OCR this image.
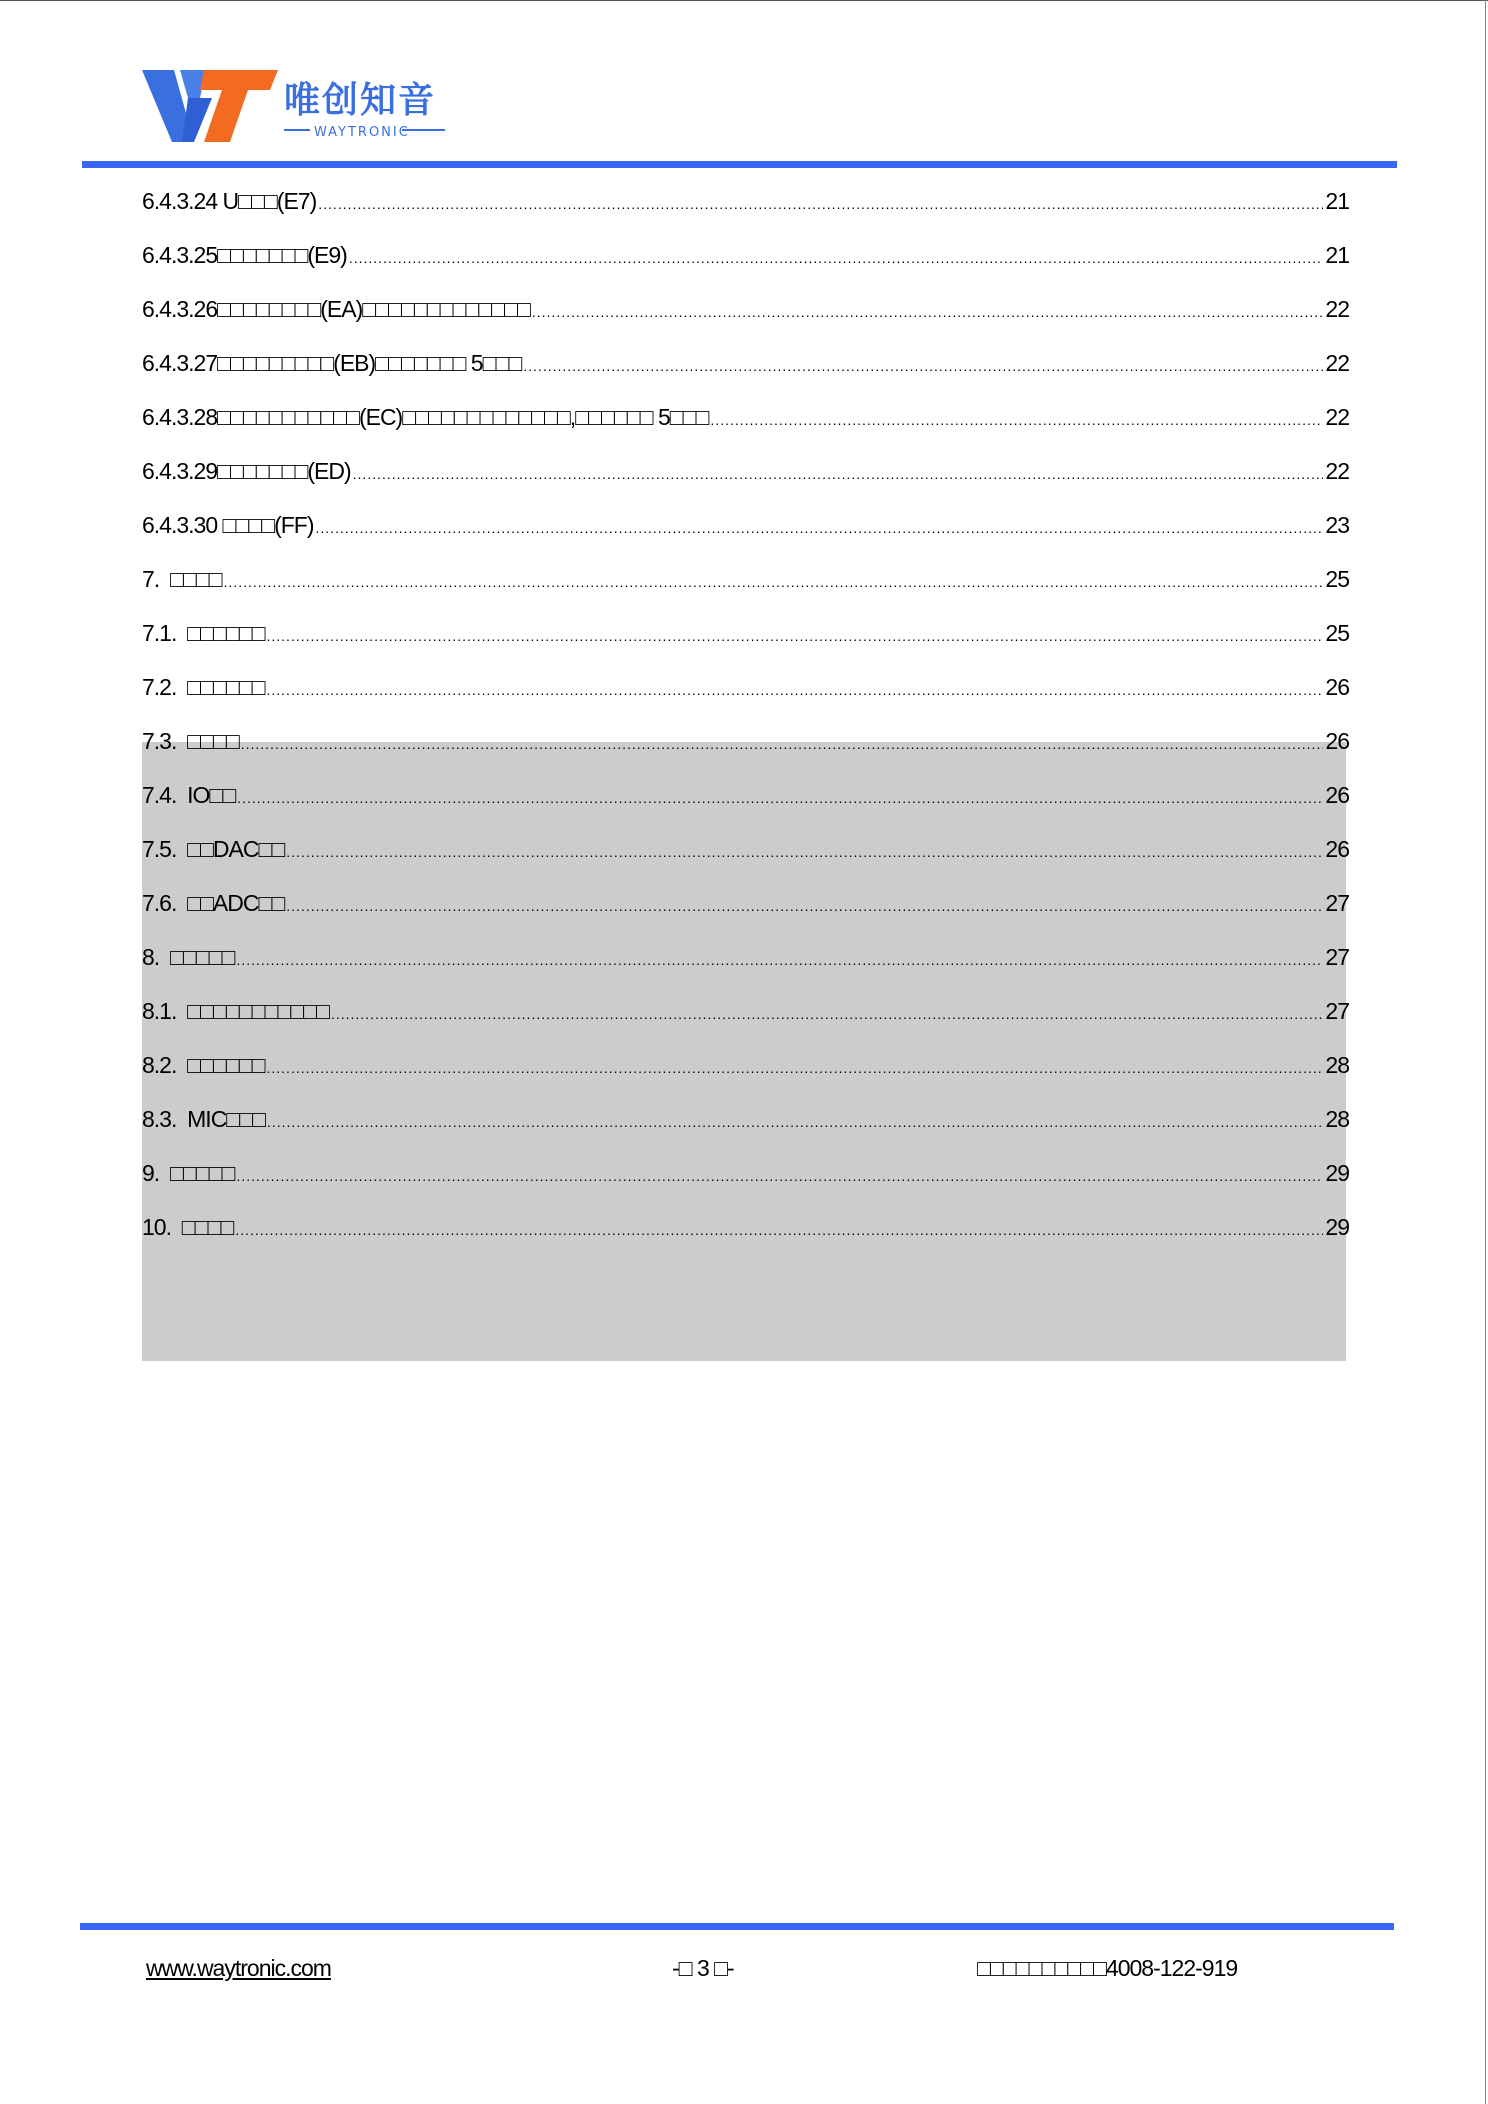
唯创知音
WAYTRONIC
6.4.3.24 U□□□(E7) .....	21
6.4.3.25□□□□□□□(E9) .....	21
6.4.3.26□□□□□□□□(EA)□□□□□□□□□□□□□ .....	22
6.4.3.27□□□□□□□□□(EB)□□□□□□□ 5□□□ .....	22
6.4.3.28□□□□□□□□□□□(EC)□□□□□□□□□□□□□,□□□□□□ 5□□□ .....	22
6.4.3.29□□□□□□□(ED) .....	22
6.4.3.30 □□□□(FF) .....	23
7.  □□□□ .....	25
7.1.  □□□□□□ .....	25
7.2.  □□□□□□ .....	26
7.3.  □□□□ .....	26
7.4.  IO□□ .....	26
7.5.  □□DAC□□ .....	26
7.6.  □□ADC□□ .....	27
8.  □□□□□ .....	27
8.1.  □□□□□□□□□□□ .....	27
8.2.  □□□□□□ .....	28
8.3.  MIC□□□ .....	28
9.  □□□□□ .....	29
10.  □□□□ .....	29
www.waytronic.com	-□ 3 □-	□□□□□□□□□□4008-122-919
